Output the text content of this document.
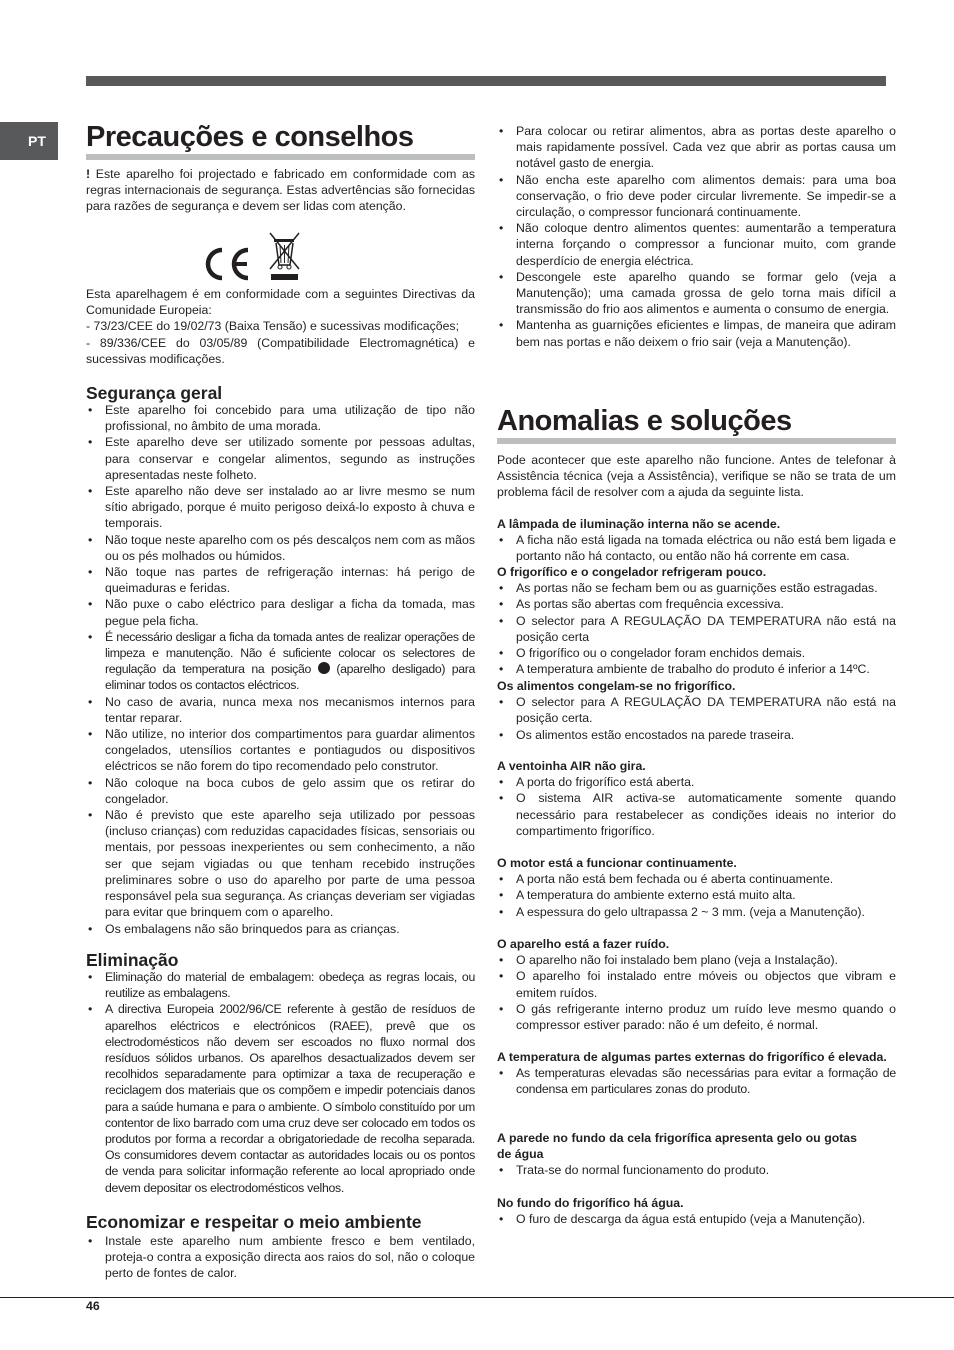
PT Precauções e conselhos

! Este aparelho foi projectado e fabricado em conformidade com as regras internacionais de segurança. Estas advertências são fornecidas para razões de segurança e devem ser lidas com atenção.

Esta aparelhagem é em conformidade com a seguintes Directivas da Comunidade Europeia:

- 73/23/CEE do 19/02/73 (Baixa Tensão) e sucessivas modificações;

- 89/336/CEE do 03/05/89 (Compatibilidade Electromagnética) e sucessivas modificações.

Segurança geral
• Este aparelho foi concebido para uma utilização de tipo não profissional, no âmbito de uma morada.
• Este aparelho deve ser utilizado somente por pessoas adultas, para conservar e congelar alimentos, segundo as instruções apresentadas neste folheto.
• Este aparelho não deve ser instalado ao ar livre mesmo se num sítio abrigado, porque é muito perigoso deixá-lo exposto à chuva e temporais.
• Não toque neste aparelho com os pés descalços nem com as mãos ou os pés molhados ou húmidos.
• Não toque nas partes de refrigeração internas: há perigo de queimaduras e feridas.
• Não puxe o cabo eléctrico para desligar a ficha da tomada, mas pegue pela ficha.
• É necessário desligar a ficha da tomada antes de realizar operações de limpeza e manutenção. Não é suficiente colocar os selectores de regulação da temperatura na posição  (aparelho desligado) para eliminar todos os contactos eléctricos.
• No caso de avaria, nunca mexa nos mecanismos internos para tentar reparar.
• Não utilize, no interior dos compartimentos para guardar alimentos congelados, utensílios cortantes e pontiagudos ou dispositivos eléctricos se não forem do tipo recomendado pelo construtor.
• Não coloque na boca cubos de gelo assim que os retirar do congelador.
• Não é previsto que este aparelho seja utilizado por pessoas (incluso crianças) com reduzidas capacidades físicas, sensoriais ou mentais, por pessoas inexperientes ou sem conhecimento, a não ser que sejam vigiadas ou que tenham recebido instruções preliminares sobre o uso do aparelho por parte de uma pessoa responsável pela sua segurança. As crianças deveriam ser vigiadas para evitar que brinquem com o aparelho.
• Os embalagens não são brinquedos para as crianças.
Eliminação
• Eliminação do material de embalagem: obedeça as regras locais, ou reutilize as embalagens.
• A directiva Europeia 2002/96/CE referente à gestão de resíduos de aparelhos eléctricos e electrónicos (RAEE), prevê que os electrodomésticos não devem ser escoados no fluxo normal dos resíduos sólidos urbanos. Os aparelhos desactualizados devem ser recolhidos separadamente para optimizar a taxa de recuperação e reciclagem dos materiais que os compõem e impedir potenciais danos para a saúde humana e para o ambiente. O símbolo constituído por um contentor de lixo barrado com uma cruz deve ser colocado em todos os produtos por forma a recordar a obrigatoriedade de recolha separada. Os consumidores devem contactar as autoridades locais ou os pontos de venda para solicitar informação referente ao local apropriado onde devem depositar os electrodomésticos velhos.
Economizar e respeitar o meio ambiente
• Instale este aparelho num ambiente fresco e bem ventilado, proteja-o contra a exposição directa aos raios do sol, não o coloque perto de fontes de calor.
• Para colocar ou retirar alimentos, abra as portas deste aparelho o mais rapidamente possível. Cada vez que abrir as portas causa um notável gasto de energia.
• Não encha este aparelho com alimentos demais: para uma boa conservação, o frio deve poder circular livremente. Se impedir-se a circulação, o compressor funcionará continuamente.
• Não coloque dentro alimentos quentes: aumentarão a temperatura interna forçando o compressor a funcionar muito, com grande desperdício de energia eléctrica.
• Descongele este aparelho quando se formar gelo (veja a Manutenção); uma camada grossa de gelo torna mais difícil a transmissão do frio aos alimentos e aumenta o consumo de energia.
• Mantenha as guarnições eficientes e limpas, de maneira que adiram bem nas portas e não deixem o frio sair (veja a Manutenção).
Anomalias e soluções

Pode acontecer que este aparelho não funcione. Antes de telefonar à Assistência técnica (veja a Assistência), verifique se não se trata de um problema fácil de resolver com a ajuda da seguinte lista.

A lâmpada de iluminação interna não se acende.
• A ficha não está ligada na tomada eléctrica ou não está bem ligada e portanto não há contacto, ou então não há corrente em casa.
O frigorífico e o congelador refrigeram pouco.
• As portas não se fecham bem ou as guarnições estão estragadas.
• As portas são abertas com frequência excessiva.
• O selector para A REGULAÇÃO DA TEMPERATURA não está na posição certa
• O frigorífico ou o congelador foram enchidos demais.
• A temperatura ambiente de trabalho do produto é inferior a 14ºC.
Os alimentos congelam-se no frigorífico.
• O selector para A REGULAÇÃO DA TEMPERATURA não está na posição certa.
• Os alimentos estão encostados na parede traseira.
A ventoinha AIR não gira.
• A porta do frigorífico está aberta.
• O sistema AIR activa-se automaticamente somente quando necessário para restabelecer as condições ideais no interior do compartimento frigorífico.
O motor está a funcionar continuamente.
• A porta não está bem fechada ou é aberta continuamente.
• A temperatura do ambiente externo está muito alta.
• A espessura do gelo ultrapassa 2 ~ 3 mm. (veja a Manutenção).
O aparelho está a fazer ruído.
• O aparelho não foi instalado bem plano (veja a Instalação).
• O aparelho foi instalado entre móveis ou objectos que vibram e emitem ruídos.
• O gás refrigerante interno produz um ruído leve mesmo quando o compressor estiver parado: não é um defeito, é normal.
A temperatura de algumas partes externas do frigorífico é elevada.
• As temperaturas elevadas são necessárias para evitar a formação de condensa em particulares zonas do produto.
A parede no fundo da cela frigorífica apresenta gelo ou gotas de água
• Trata-se do normal funcionamento do produto.
No fundo do frigorífico há água.
• O furo de descarga da água está entupido (veja a Manutenção).
46
